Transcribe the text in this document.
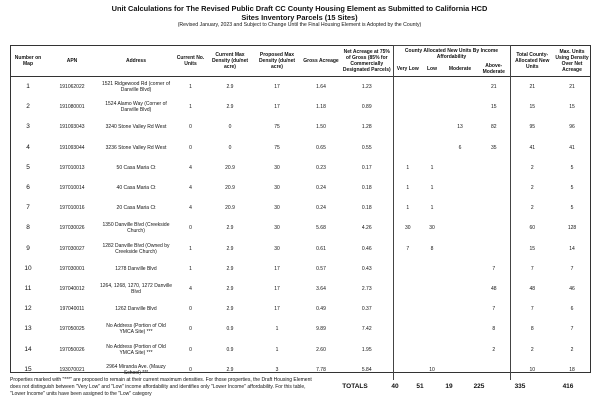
Unit Calculations for The Revised Public Draft CC County Housing Element as Submitted to California HCD
Sites Inventory Parcels (15 Sites)
(Revised January, 2023 and Subject to Change Until the Final Housing Element is Adopted by the County)
Number on Map	APN	Address	Current No. Units	Current Max Density (du/net acre)	Proposed Max Density (du/net acre)	Gross Acreage	Net Acreage at 75% of Gross (85% for Commercially Designated Parcels)	County Allocated New Units By Income Affordability				Total County-Allocated New Units	Max. Units Using Density Over Net Acreage
								Very Low	Low	Moderate	Above-Moderate		
1	191062022	1521 Ridgewood Rd (corner of Danville Blvd)	1	2.9	17	1.64	1.23				21	21	21
2	191080001	1524 Alamo Way (Corner of Danville Blvd)	1	2.9	17	1.18	0.89				15	15	15
3	191093043	3240 Stone Valley Rd West	0	0	75	1.50	1.28			13	82	95	96
4	191093044	3236 Stone Valley Rd West	0	0	75	0.65	0.55			6	35	41	41
5	197010013	50 Casa Maria Ct	4	20.9	30	0.23	0.17	1	1			2	5
6	197010014	40 Casa Maria Ct	4	20.9	30	0.24	0.18	1	1			2	5
7	197010016	20 Casa Maria Ct	4	20.9	30	0.24	0.18	1	1			2	5
8	197030026	1350 Danville Blvd (Creekside Church)	0	2.9	30	5.68	4.26	30	30			60	128
9	197030027	1282 Danville Blvd (Owned by Creekside Church)	1	2.9	30	0.61	0.46	7	8			15	14
10	197030001	1278 Danville Blvd	1	2.9	17	0.57	0.43				7	7	7
11	197040012	1264, 1268, 1270, 1272 Danville Blvd	4	2.9	17	3.64	2.73				48	48	46
12	197040011	1262 Danville Blvd	0	2.9	17	0.49	0.37				7	7	6
13	197050025	No Address (Portion of Old YMCA Site) ***	0	0.9	1	9.89	7.42				8	8	7
14	197050026	No Address (Portion of Old YMCA Site) ***	0	0.9	1	2.60	1.95				2	2	2
15	193070021	2964 Miranda Ave. (Mauzy School) ***	0	2.9	3	7.78	5.84		10			10	18
Properties marked with "***" are proposed to remain at their current maximum densities. For those properties, the Draft Housing Element does not distinguish between "Very Low" and "Low" income affordability and identifies only "Lower Income" affordability. For this table, "Lower Income" units have been assigned to the "Low" category
TOTALS	40	51	19	225	335	416
